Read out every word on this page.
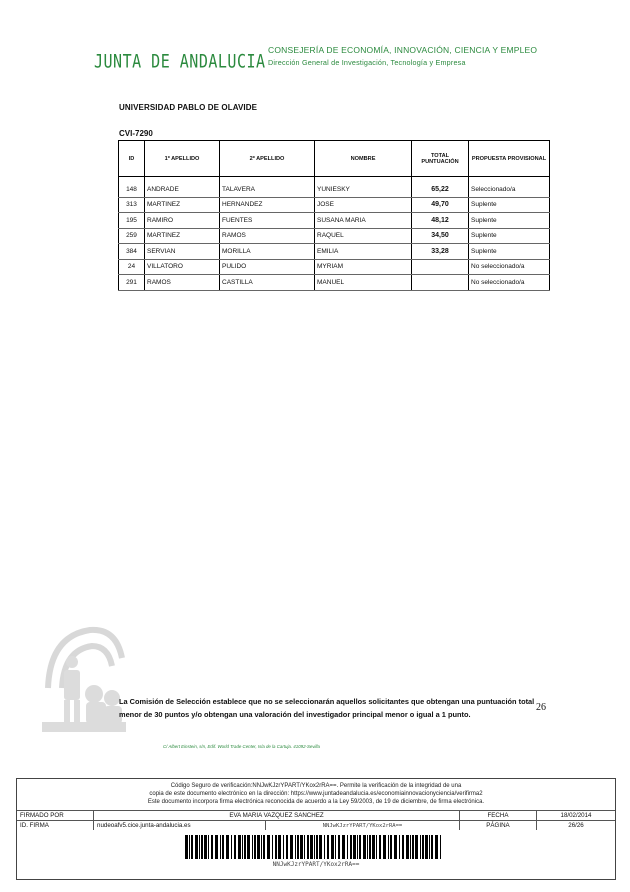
JUNTA DE ANDALUCIA CONSEJERÍA DE ECONOMÍA, INNOVACIÓN, CIENCIA Y EMPLEO
Dirección General de Investigación, Tecnología y Empresa
UNIVERSIDAD PABLO DE OLAVIDE
CVI-7290
ID	1º APELLIDO	2º APELLIDO	NOMBRE	TOTAL PUNTUACIÓN	PROPUESTA PROVISIONAL

148	ANDRADE	TALAVERA	YUNIESKY	65,22	Seleccionado/a
313	MARTINEZ	HERNANDEZ	JOSE	49,70	Suplente
195	RAMIRO	FUENTES	SUSANA MARIA	48,12	Suplente
259	MARTINEZ	RAMOS	RAQUEL	34,50	Suplente
384	SERVIAN	MORILLA	EMILIA	33,28	Suplente
24	VILLATORO	PULIDO	MYRIAM		No seleccionado/a
291	RAMOS	CASTILLA	MANUEL		No seleccionado/a
26
La Comisión de Selección establece que no se seleccionarán aquellos solicitantes que obtengan una puntuación total menor de 30 puntos y/o obtengan una valoración del investigador principal menor o igual a 1 punto.
C/ Albert Einstein, s/n, Edif. World Trade Center, Isla de la Cartuja. 41092-Sevilla
Código Seguro de verificación:NNJwKJzrYPART/YKox2rRA==. Permite la verificación de la integridad de una
copia de este documento electrónico en la dirección: https://www.juntadeandalucia.es/economiainnovacionyciencia/verifirma2
Este documento incorpora firma electrónica reconocida de acuerdo a la Ley 59/2003, de 19 de diciembre, de firma electrónica.
FIRMADO POR	EVA MARIA VAZQUEZ SANCHEZ		FECHA	18/02/2014
ID. FIRMA	nudeoafv5.cice.junta-andalucia.es	NNJwKJzrYPART/YKox2rRA==	PÁGINA	26/26
NNJwKJzrYPART/YKox2rRA==
